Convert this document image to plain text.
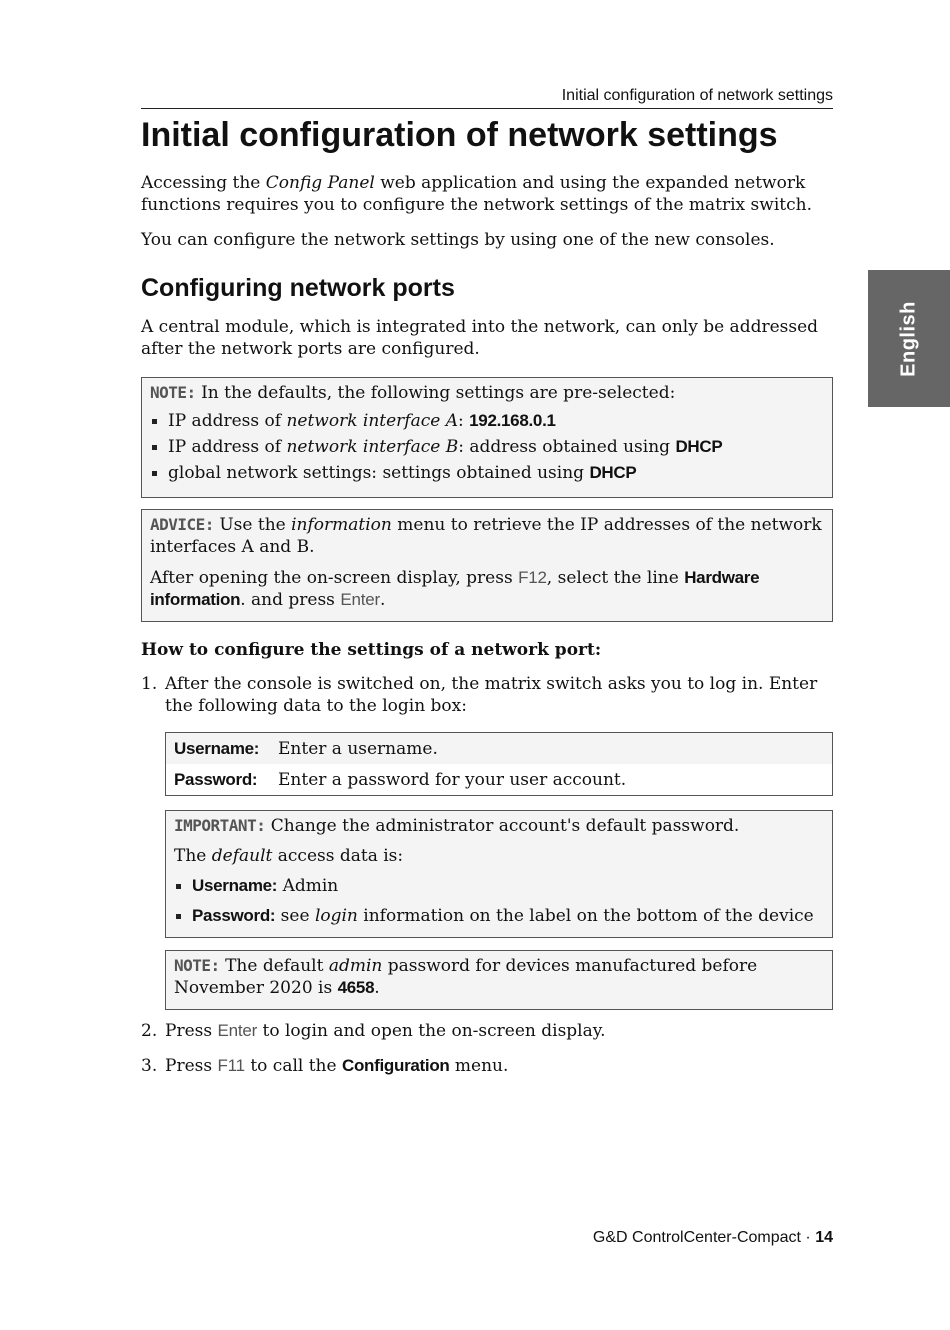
Initial configuration of network settings
English
Initial configuration of network settings

Accessing the Config Panel web application and using the expanded network functions requires you to configure the network settings of the matrix switch.

You can configure the network settings by using one of the new consoles.

Configuring network ports

A central module, which is integrated into the network, can only be addressed after the network ports are configured.

NOTE: In the defaults, the following settings are pre-selected:

IP address of network interface A: 192.168.0.1
IP address of network interface B: address obtained using DHCP
global network settings: settings obtained using DHCP

ADVICE: Use the information menu to retrieve the IP addresses of the network interfaces A and B.

After opening the on-screen display, press F12, select the line Hardware information. and press Enter.

How to configure the settings of a network port:

1. After the console is switched on, the matrix switch asks you to log in. Enter the following data to the login box:
Username:	Enter a username.
Password:	Enter a password for your user account.

IMPORTANT: Change the administrator account's default password.

The default access data is:

Username: Admin
Password: see login information on the label on the bottom of the device

NOTE: The default admin password for devices manufactured before November 2020 is 4658.

2. Press Enter to login and open the on-screen display.
3. Press F11 to call the Configuration menu.
G&D ControlCenter-Compact · 14
